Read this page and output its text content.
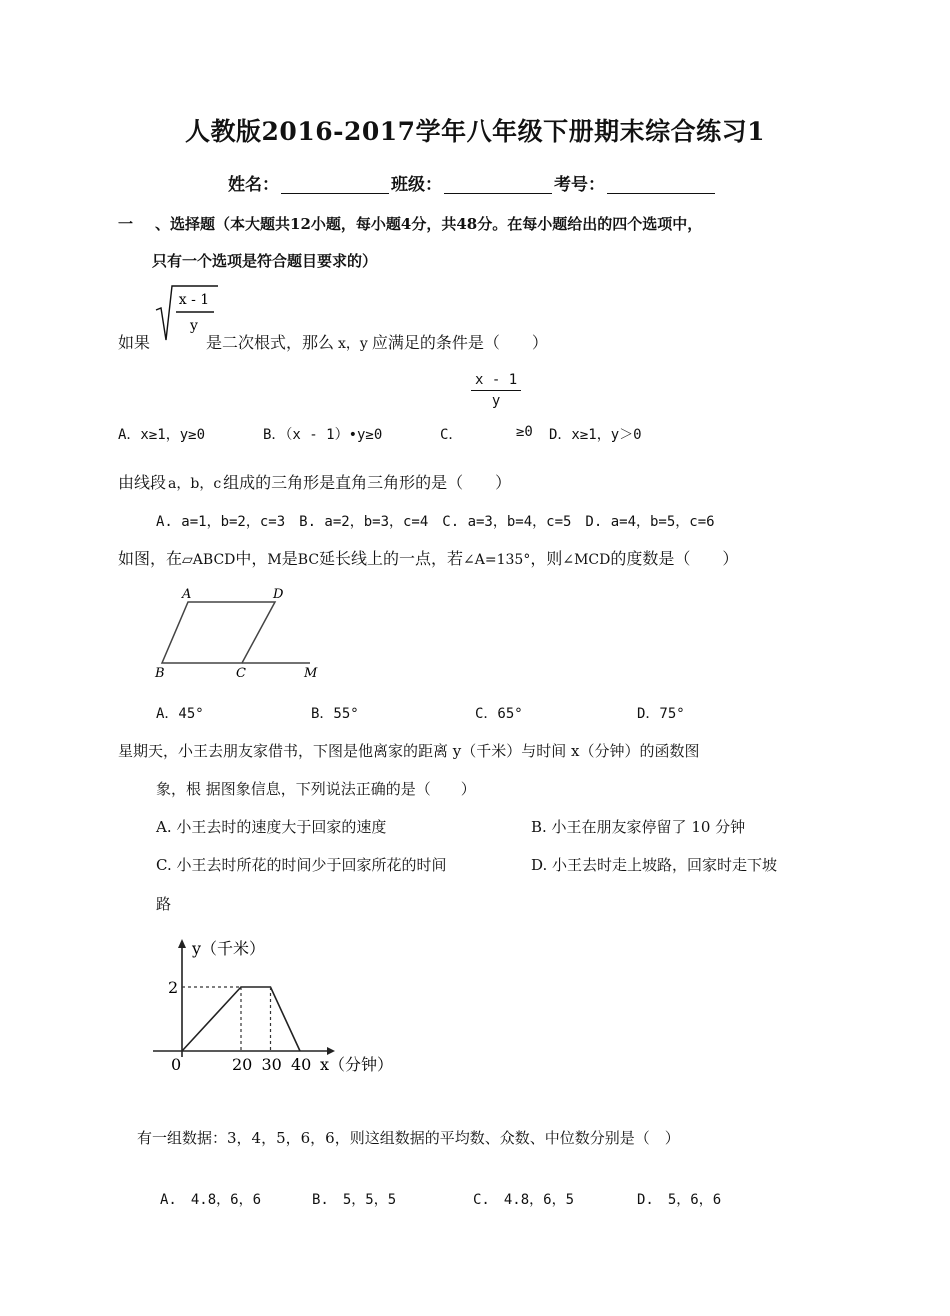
人教版2016-2017学年八年级下册期末综合练习1
姓名：	班级：	考号：
一 、选择题（本大题共12小题，每小题4分，共48分。在每小题给出的四个选项中，
只有一个选项是符合题目要求的）
x - 1
y
如果	是二次根式，那么 x，y 应满足的条件是（　　）
A．x≥1，y≥0	B．（x - 1）•y≥0	C．
$\frac{x - 1}{y}$
≥0 D．x≥1，y＞0
由线段 a，b，c 组成的三角形是直角三角形的是（　　）
A. a=1，b=2，c=3　B. a=2，b=3，c=4　C. a=3，b=4，c=5　D. a=4，b=5，c=6
如图，在▱ABCD中，M是BC延长线上的一点，若∠A=135°，则∠MCD的度数是（　　）
A	D
B	C	M
A．45°	B．55°	C．65°	D．75°
星期天，小王去朋友家借书，下图是他离家的距离 y（千米）与时间 x（分钟）的函数图
象，根 据图象信息，下列说法正确的是（　　）
A. 小王去时的速度大于回家的速度	B. 小王在朋友家停留了 10 分钟
C. 小王去时所花的时间少于回家所花的时间	D. 小王去时走上坡路，回家时走下坡
路
y（千米）
x（分钟）
0	20 30 40
2
有一组数据：3，4，5，6，6，则这组数据的平均数、众数、中位数分别是（　）
A.　4.8，6，6	B.　5，5，5	C.　4.8，6，5	D.　5，6，6
